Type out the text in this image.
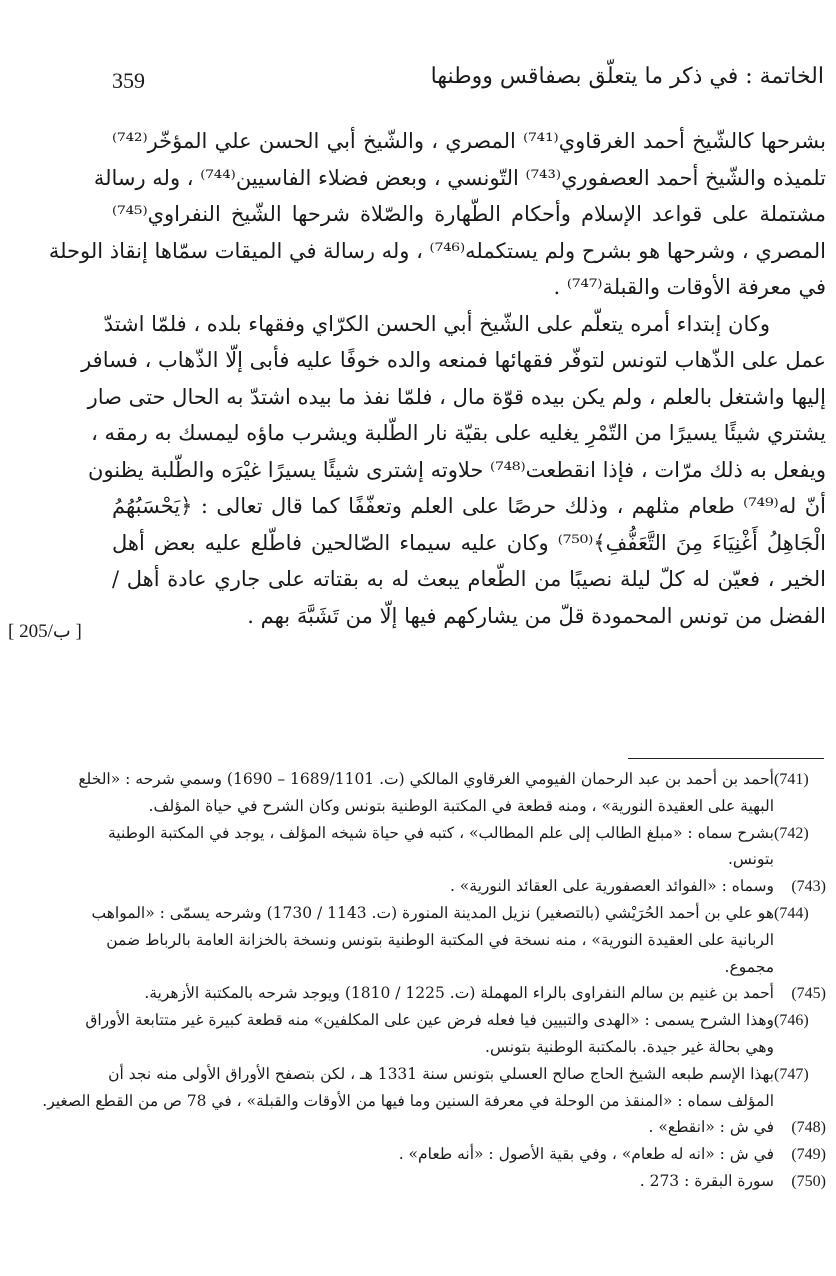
359	الخاتمة : في ذكر ما يتعلّق بصفاقس ووطنها
بشرحها كالشّيخ أحمد الغرقاوي⁽⁷⁴¹⁾ المصري ، والشّيخ أبي الحسن علي المؤخّر⁽⁷⁴²⁾
تلميذه والشّيخ أحمد العصفوري⁽⁷⁴³⁾ التّونسي ، وبعض فضلاء الفاسيين⁽⁷⁴⁴⁾ ، وله رسالة
مشتملة على قواعد الإسلام وأحكام الطّهارة والصّلاة شرحها الشّيخ النفراوي⁽⁷⁴⁵⁾
المصري ، وشرحها هو بشرح ولم يستكمله⁽⁷⁴⁶⁾ ، وله رسالة في الميقات سمّاها إنقاذ الوحلة
في معرفة الأوقات والقبلة⁽⁷⁴⁷⁾ .
وكان إبتداء أمره يتعلّم على الشّيخ أبي الحسن الكرّاي وفقهاء بلده ، فلمّا اشتدّ
عمل على الذّهاب لتونس لتوفّر فقهائها فمنعه والده خوفًا عليه فأبى إلّا الذّهاب ، فسافر
إليها واشتغل بالعلم ، ولم يكن بيده قوّة مال ، فلمّا نفذ ما بيده اشتدّ به الحال حتى صار
يشتري شيئًا يسيرًا من التّمْرِ يغليه على بقيّة نار الطّلبة ويشرب ماؤه ليمسك به رمقه ،
ويفعل به ذلك مرّات ، فإذا انقطعت⁽⁷⁴⁸⁾ حلاوته إشترى شيئًا يسيرًا غيْرَه والطّلبة يظنون
أنّ له⁽⁷⁴⁹⁾ طعام مثلهم ، وذلك حرصًا على العلم وتعفّفًا كما قال تعالى : ﴿يَحْسَبُهُمُ
الْجَاهِلُ أَغْنِيَاءَ مِنَ التَّعَفُّفِ﴾⁽⁷⁵⁰⁾ وكان عليه سيماء الصّالحين فاطّلع عليه بعض أهل
الخير ، فعيّن له كلّ ليلة نصيبًا من الطّعام يبعث له به بقتاته على جاري عادة أهل /
الفضل من تونس المحمودة قلّ من يشاركهم فيها إلّا من تَشَبَّهَ بهم .
[ 205/ب ]
(741)أحمد بن أحمد بن عبد الرحمان الفيومي الغرقاوي المالكي (ت. 1689/1101 – 1690) وسمي شرحه : «الخلع
البهية على العقيدة النورية» ، ومنه قطعة في المكتبة الوطنية بتونس وكان الشرح في حياة المؤلف.
(742)بشرح سماه : «مبلغ الطالب إلى علم المطالب» ، كتبه في حياة شيخه المؤلف ، يوجد في المكتبة الوطنية
بتونس.
(743)وسماه : «الفوائد العصفورية على العقائد النورية» .
(744)هو علي بن أحمد الحُرَيْشي (بالتصغير) نزيل المدينة المنورة (ت. 1143 / 1730) وشرحه يسمّى : «المواهب
الربانية على العقيدة النورية» ، منه نسخة في المكتبة الوطنية بتونس ونسخة بالخزانة العامة بالرباط ضمن
مجموع.
(745)أحمد بن غنيم بن سالم النفراوى بالراء المهملة (ت. 1225 / 1810) ويوجد شرحه بالمكتبة الأزهرية.
(746)وهذا الشرح يسمى : «الهدى والتبيين فيا فعله فرض عين على المكلفين» منه قطعة كبيرة غير متتابعة الأوراق
وهي بحالة غير جيدة. بالمكتبة الوطنية بتونس.
(747)بهذا الإسم طبعه الشيخ الحاج صالح العسلي بتونس سنة 1331 هـ ، لكن بتصفح الأوراق الأولى منه نجد أن
المؤلف سماه : «المنقذ من الوحلة في معرفة السنين وما فيها من الأوقات والقبلة» ، في 78 ص من القطع الصغير.
(748)في ش : «انقطع» .
(749)في ش : «انه له طعام» ، وفي بقية الأصول : «أنه طعام» .
(750)سورة البقرة : 273 .
